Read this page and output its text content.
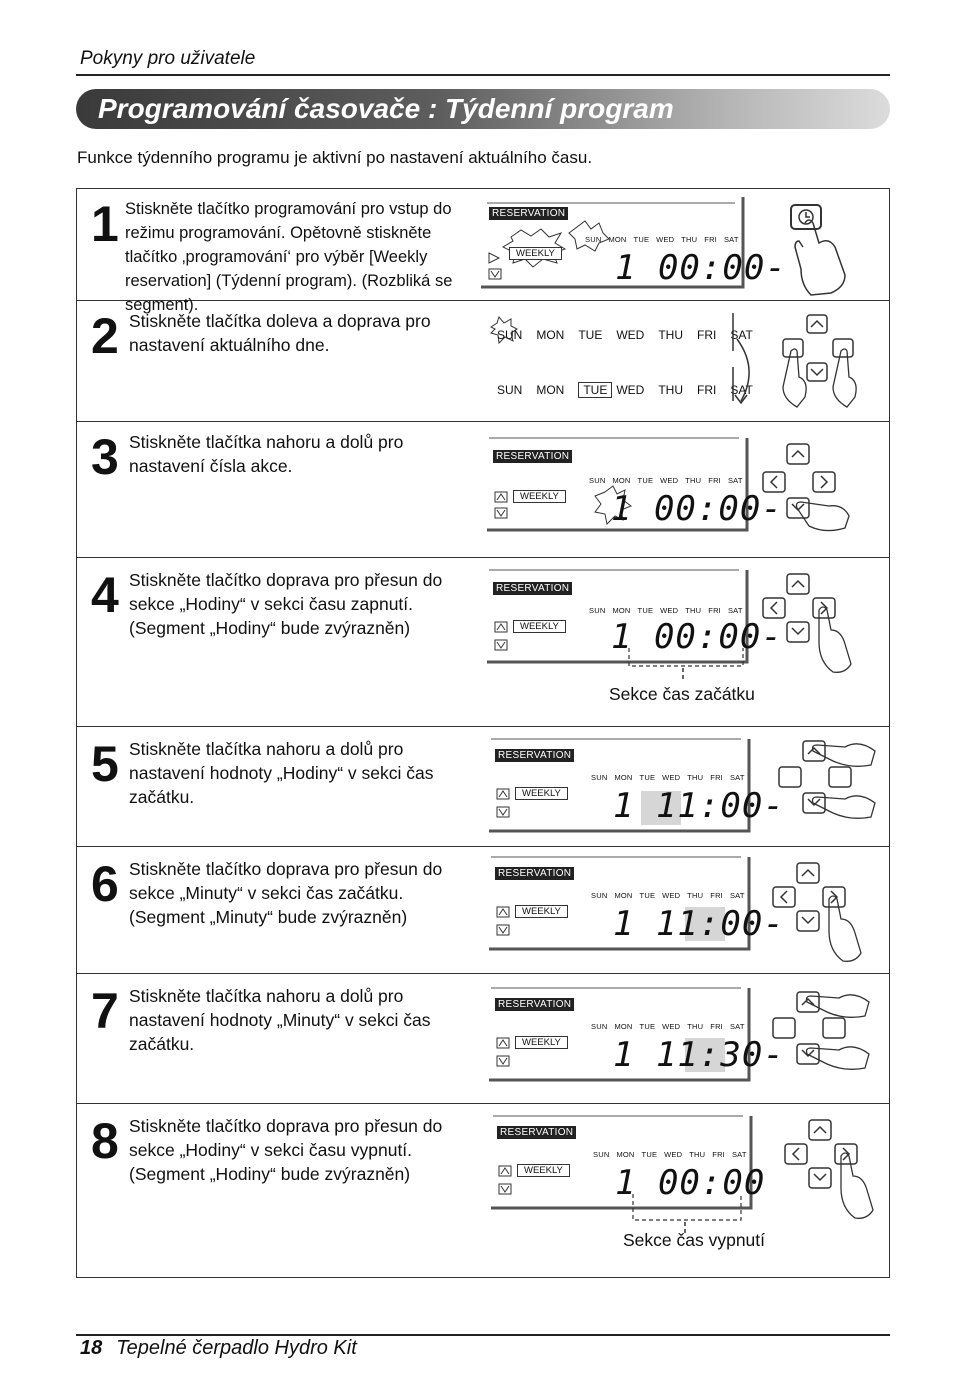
Pokyny pro uživatele
Programování časovače : Týdenní program
Funkce týdenního programu je aktivní po nastavení aktuálního času.
1 Stiskněte tlačítko programování pro vstup do režimu programování. Opětovně stiskněte tlačítko ‚programování‘ pro výběr [Weekly reservation] (Týdenní program). (Rozbliká se segment).
RESERVATION
WEEKLY
SUN MON TUE WED THU FRI SAT
1 00:00-
2 Stiskněte tlačítka doleva a doprava pro nastavení aktuálního dne.	SUN MON TUE WED THU FRI SAT
SUN MON TUE WED THU FRI SAT
3 Stiskněte tlačítka nahoru a dolů pro nastavení čísla akce.	RESERVATION
WEEKLY
SUN MON TUE WED THU FRI SAT
1 00:00-
4 Stiskněte tlačítko doprava pro přesun do sekce „Hodiny“ v sekci času zapnutí. (Segment „Hodiny“ bude zvýrazněn)
RESERVATION
WEEKLY
SUN MON TUE WED THU FRI SAT
1 00:00-
Sekce čas začátku
5 Stiskněte tlačítka nahoru a dolů pro nastavení hodnoty „Hodiny“ v sekci čas začátku.
RESERVATION
WEEKLY
SUN MON TUE WED THU FRI SAT
1 11:00-
6 Stiskněte tlačítko doprava pro přesun do sekce „Minuty“ v sekci čas začátku. (Segment „Minuty“ bude zvýrazněn)
RESERVATION
WEEKLY
SUN MON TUE WED THU FRI SAT
1 11:00-
7 Stiskněte tlačítka nahoru a dolů pro nastavení hodnoty „Minuty“ v sekci čas začátku.
RESERVATION
WEEKLY
SUN MON TUE WED THU FRI SAT
1 11:30-
8 Stiskněte tlačítko doprava pro přesun do sekce „Hodiny“ v sekci času vypnutí. (Segment „Hodiny“ bude zvýrazněn)
RESERVATION
WEEKLY
SUN MON TUE WED THU FRI SAT
1 00:00
Sekce čas vypnutí
18 Tepelné čerpadlo Hydro Kit
